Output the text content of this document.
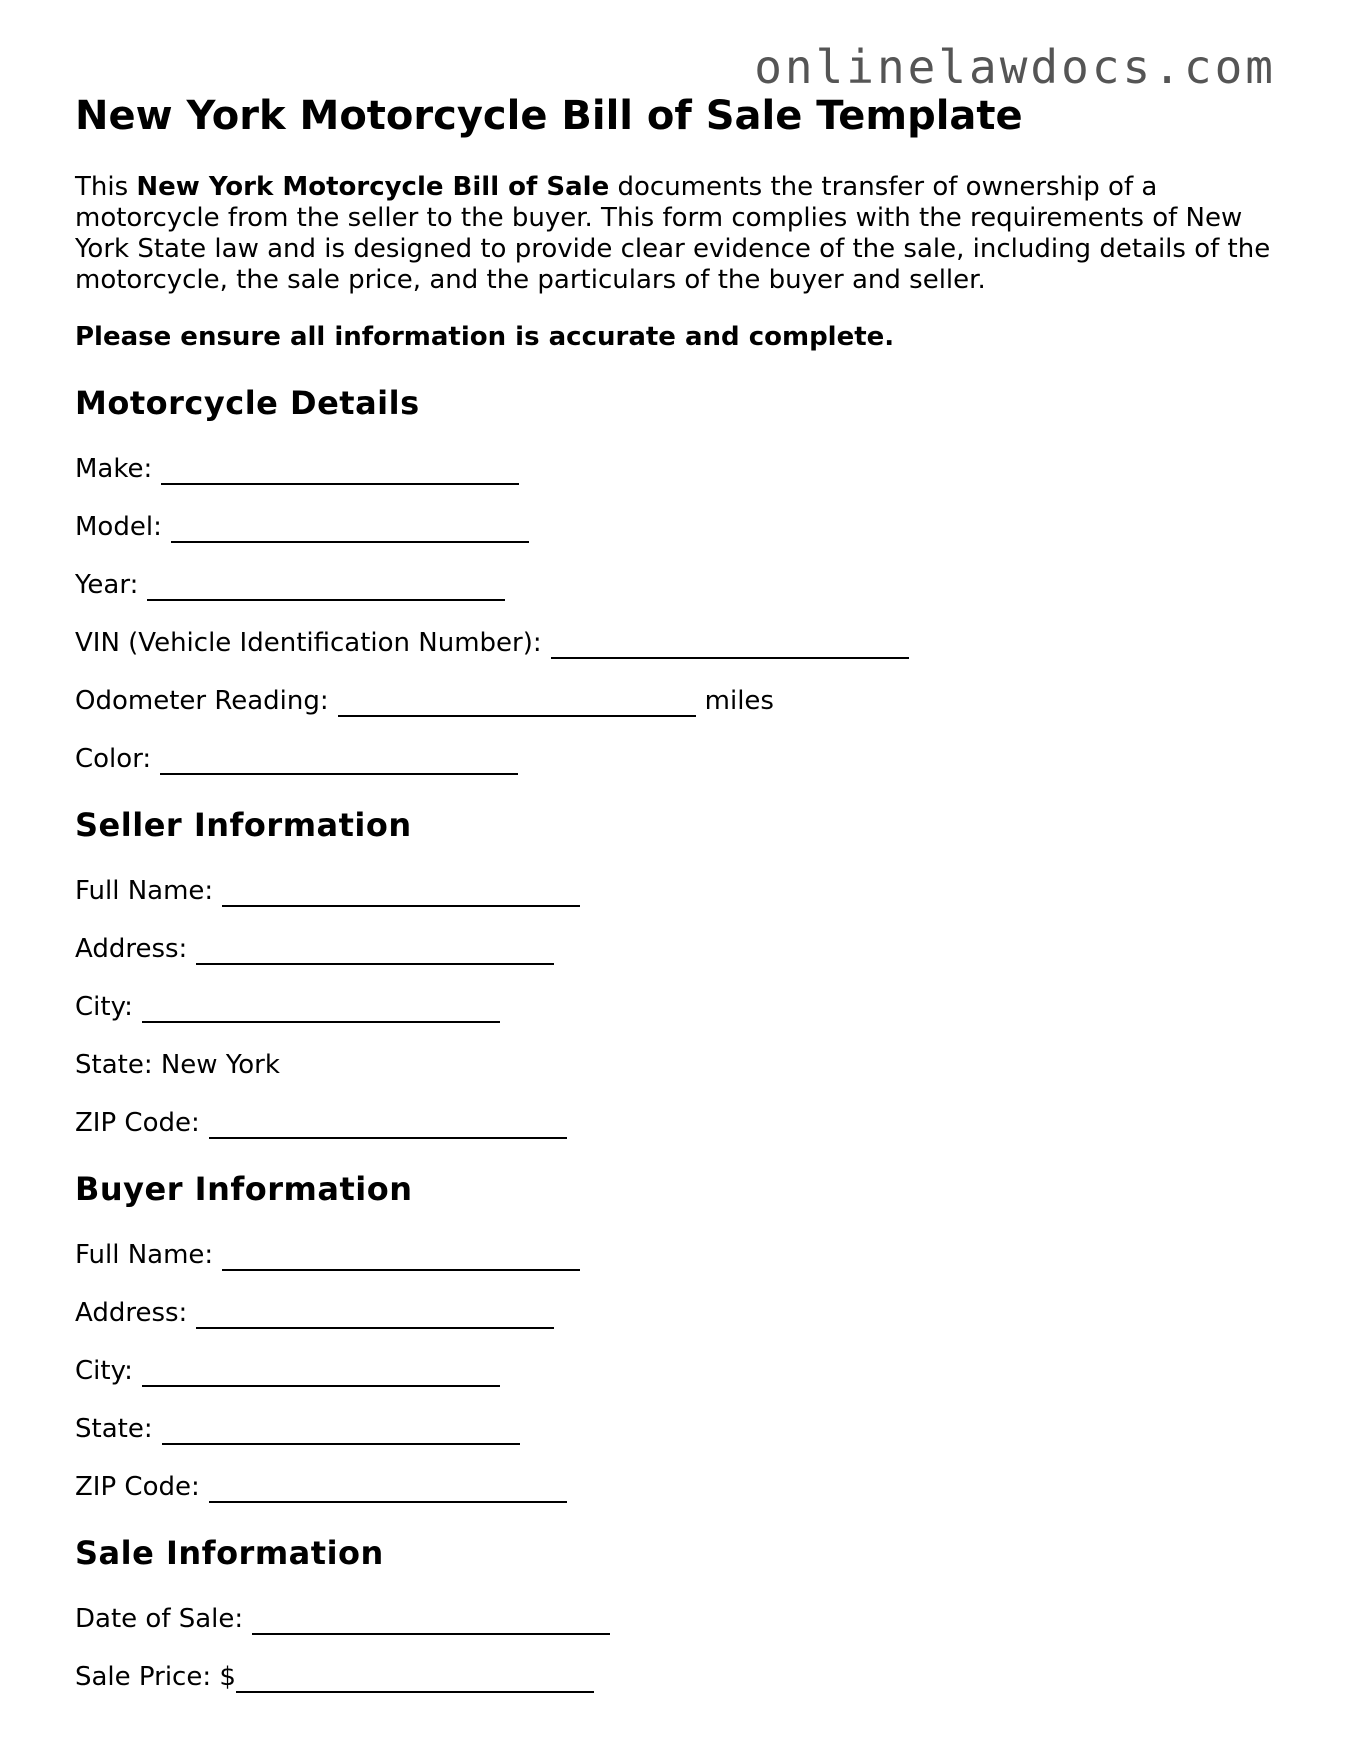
onlinelawdocs.com
New York Motorcycle Bill of Sale Template

This New York Motorcycle Bill of Sale documents the transfer of ownership of a motorcycle from the seller to the buyer. This form complies with the requirements of New York State law and is designed to provide clear evidence of the sale, including details of the motorcycle, the sale price, and the particulars of the buyer and seller.

Please ensure all information is accurate and complete.

Motorcycle Details
Make:
Model:
Year:
VIN (Vehicle Identification Number):
Odometer Reading:	miles
Color:
Seller Information
Full Name:
Address:
City:
State: New York
ZIP Code:
Buyer Information
Full Name:
Address:
City:
State:
ZIP Code:
Sale Information
Date of Sale:
Sale Price: $
